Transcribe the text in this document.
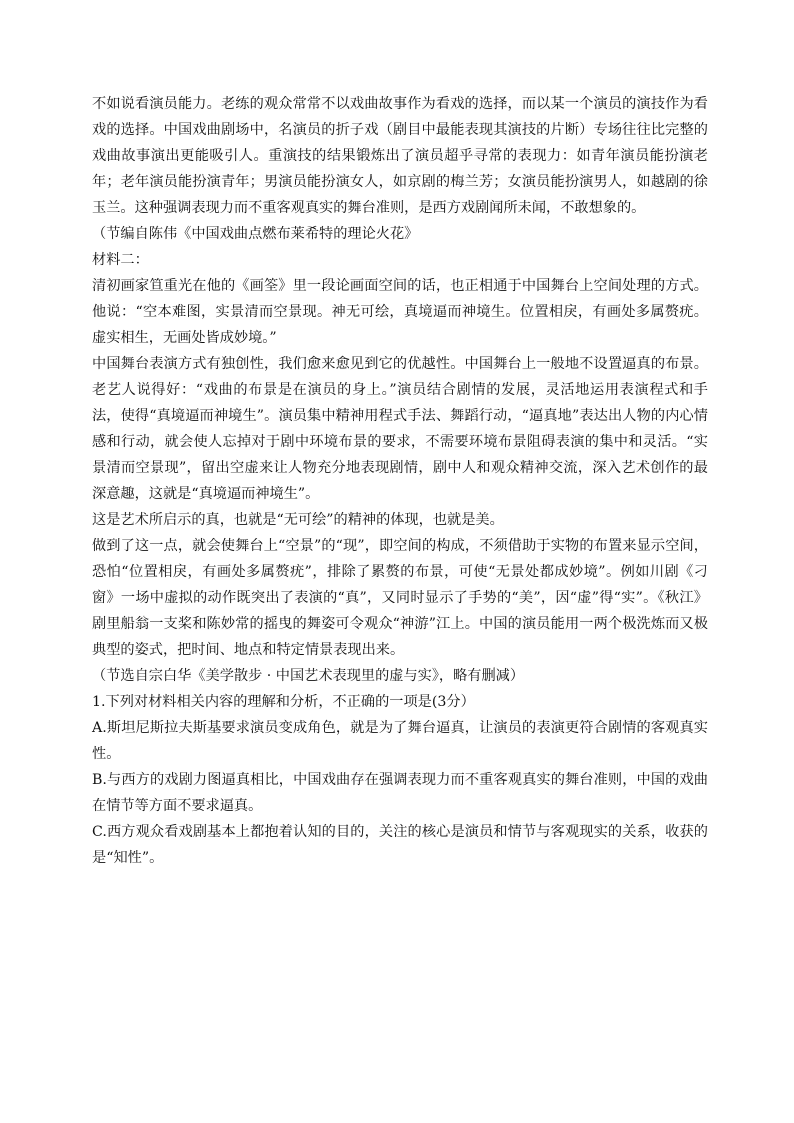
不如说看演员能力。老练的观众常常不以戏曲故事作为看戏的选择，而以某一个演员的演技作为看戏的选择。中国戏曲剧场中，名演员的折子戏（剧目中最能表现其演技的片断）专场往往比完整的戏曲故事演出更能吸引人。重演技的结果锻炼出了演员超乎寻常的表现力：如青年演员能扮演老年；老年演员能扮演青年；男演员能扮演女人，如京剧的梅兰芳；女演员能扮演男人，如越剧的徐玉兰。这种强调表现力而不重客观真实的舞台准则，是西方戏剧闻所未闻，不敢想象的。

（节编自陈伟《中国戏曲点燃布莱希特的理论火花》

材料二：

清初画家笪重光在他的《画筌》里一段论画面空间的话，也正相通于中国舞台上空间处理的方式。他说：“空本难图，实景清而空景现。神无可绘，真境逼而神境生。位置相戾，有画处多属赘疣。虚实相生，无画处皆成妙境。”

中国舞台表演方式有独创性，我们愈来愈见到它的优越性。中国舞台上一般地不设置逼真的布景。老艺人说得好：“戏曲的布景是在演员的身上。”演员结合剧情的发展，灵活地运用表演程式和手法，使得“真境逼而神境生”。演员集中精神用程式手法、舞蹈行动，“逼真地”表达出人物的内心情感和行动，就会使人忘掉对于剧中环境布景的要求，不需要环境布景阻碍表演的集中和灵活。“实景清而空景现”，留出空虚来让人物充分地表现剧情，剧中人和观众精神交流，深入艺术创作的最深意趣，这就是“真境逼而神境生”。

这是艺术所启示的真，也就是“无可绘”的精神的体现，也就是美。

做到了这一点，就会使舞台上“空景”的“现”，即空间的构成，不须借助于实物的布置来显示空间，恐怕“位置相戾，有画处多属赘疣”，排除了累赘的布景，可使“无景处都成妙境”。例如川剧《刁窗》一场中虚拟的动作既突出了表演的“真”，又同时显示了手势的“美”，因“虚”得“实”。《秋江》剧里船翁一支桨和陈妙常的摇曳的舞姿可令观众“神游”江上。中国的演员能用一两个极洗炼而又极典型的姿式，把时间、地点和特定情景表现出来。

（节选自宗白华《美学散步 · 中国艺术表现里的虚与实》，略有删减）

1.下列对材料相关内容的理解和分析，不正确的一项是(3分）

A.斯坦尼斯拉夫斯基要求演员变成角色，就是为了舞台逼真，让演员的表演更符合剧情的客观真实性。

B.与西方的戏剧力图逼真相比，中国戏曲存在强调表现力而不重客观真实的舞台准则，中国的戏曲在情节等方面不要求逼真。

C.西方观众看戏剧基本上都抱着认知的目的，关注的核心是演员和情节与客观现实的关系，收获的是“知性”。
